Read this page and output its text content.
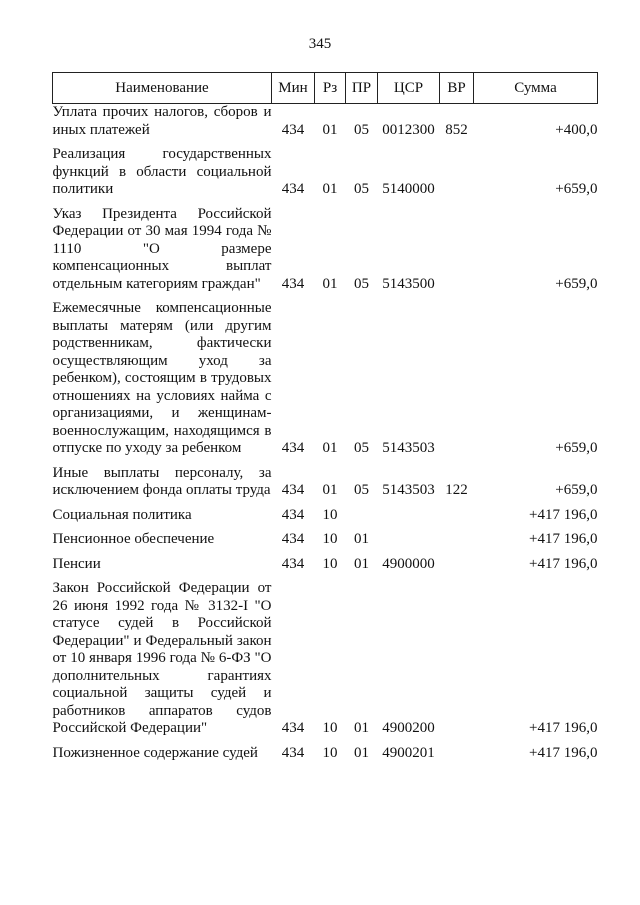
345
Наименование	Мин	Рз	ПР	ЦСР	ВР	Сумма
Уплата прочих налогов, сборов и иных платежей	434	01	05	0012300	852	+400,0

Реализация государственных функций в области социальной политики	434	01	05	5140000		+659,0

Указ Президента Российской Федерации от 30 мая 1994 года № 1110 "О размере компенсационных выплат отдельным категориям граждан"	434	01	05	5143500		+659,0

Ежемесячные компенсационные выплаты матерям (или другим родственникам, фактически осуществляющим уход за ребенком), состоящим в трудовых отношениях на условиях найма с организациями, и женщинам-военнослужащим, находящимся в отпуске по уходу за ребенком	434	01	05	5143503		+659,0

Иные выплаты персоналу, за исключением фонда оплаты труда	434	01	05	5143503	122	+659,0

Социальная политика	434	10				+417 196,0

Пенсионное обеспечение	434	10	01			+417 196,0

Пенсии	434	10	01	4900000		+417 196,0

Закон Российской Федерации от 26 июня 1992 года № 3132-I "О статусе судей в Российской Федерации" и Федеральный закон от 10 января 1996 года № 6-ФЗ "О дополнительных гарантиях социальной защиты судей и работников аппаратов судов Российской Федерации"	434	10	01	4900200		+417 196,0

Пожизненное содержание судей	434	10	01	4900201		+417 196,0
